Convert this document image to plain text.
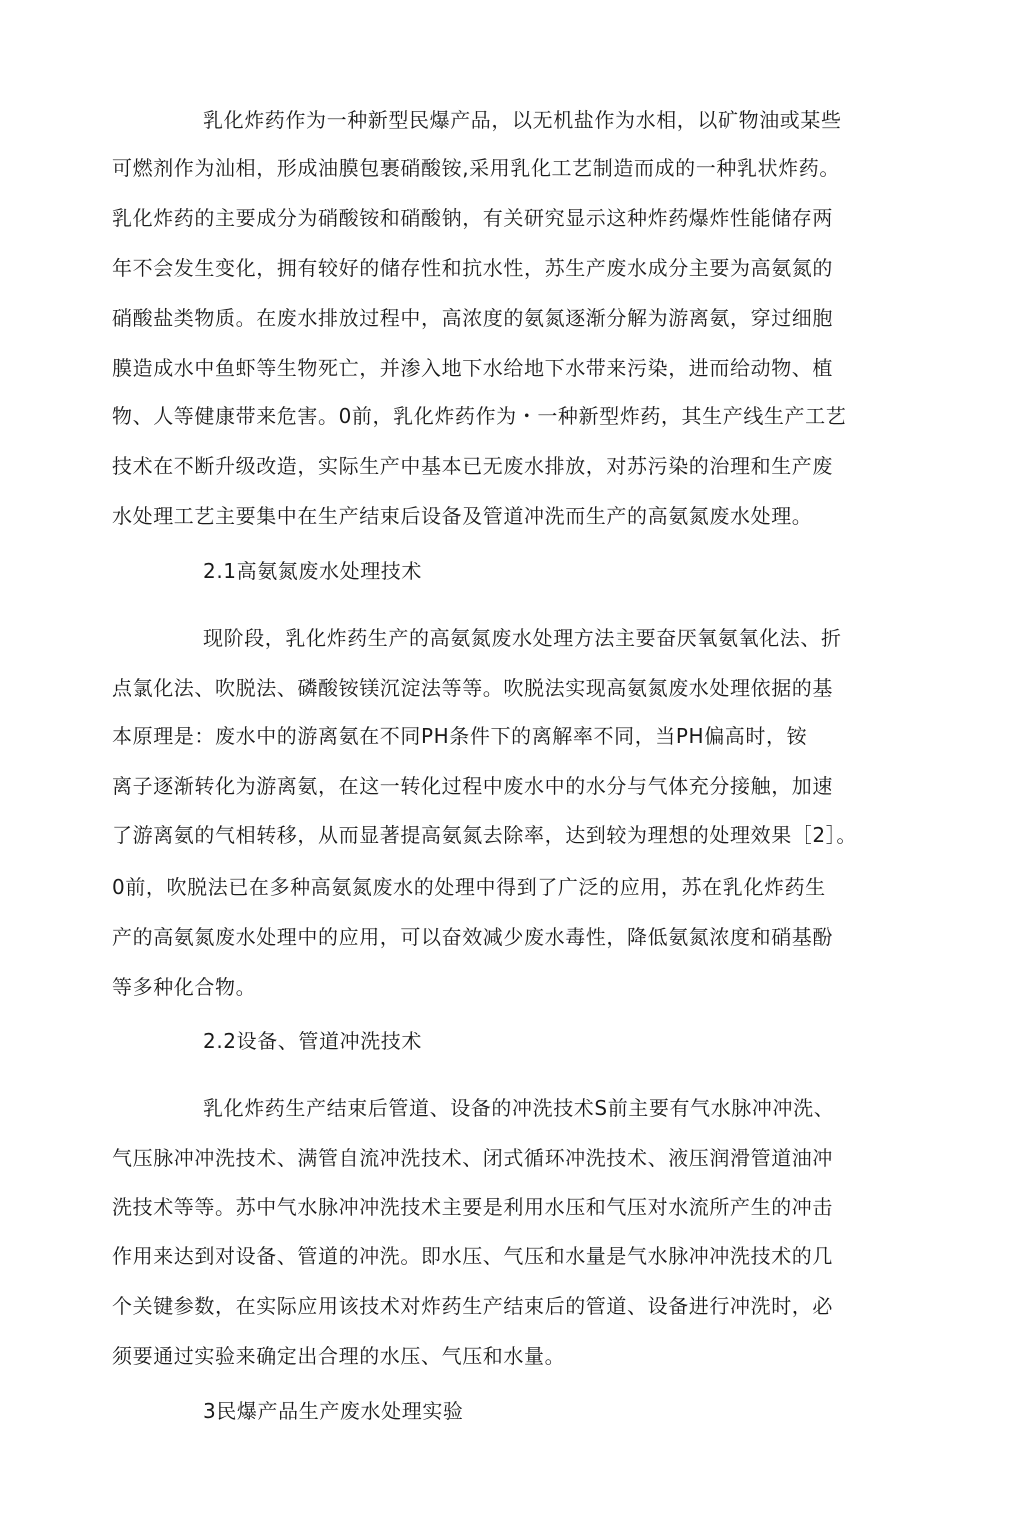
乳化炸药作为一种新型民爆产品，以无机盐作为水相，以矿物油或某些
可燃剂作为汕相，形成油膜包裹硝酸铵,采用乳化工艺制造而成的一种乳状炸药。
乳化炸药的主要成分为硝酸铵和硝酸钠，有关研究显示这种炸药爆炸性能储存两
年不会发生变化，拥有较好的储存性和抗水性，苏生产废水成分主要为高氨氮的
硝酸盐类物质。在废水排放过程中，高浓度的氨氮逐渐分解为游离氨，穿过细胞
膜造成水中鱼虾等生物死亡，并渗入地下水给地下水带来污染，进而给动物、植
物、人等健康带来危害。0前，乳化炸药作为・一种新型炸药，其生产线生产工艺
技术在不断升级改造，实际生产中基本已无废水排放，对苏污染的治理和生产废
水处理工艺主要集中在生产结束后设备及管道冲洗而生产的高氨氮废水处理。
2.1高氨氮废水处理技术
现阶段，乳化炸药生产的高氨氮废水处理方法主要奋厌氧氨氧化法、折
点氯化法、吹脱法、磷酸铵镁沉淀法等等。吹脱法实现高氨氮废水处理依据的基
本原理是：废水中的游离氨在不同PH条件下的离解率不同，当PH偏高时，铵
离子逐渐转化为游离氨，在这一转化过程中废水中的水分与气体充分接触，加速
了游离氨的气相转移，从而显著提高氨氮去除率，达到较为理想的处理效果［2］。
0前，吹脱法已在多种高氨氮废水的处理中得到了广泛的应用，苏在乳化炸药生
产的高氨氮废水处理中的应用，可以奋效减少废水毒性，降低氨氮浓度和硝基酚
等多种化合物。
2.2设备、管道冲洗技术
乳化炸药生产结束后管道、设备的冲洗技术S前主要有气水脉冲冲洗、
气压脉冲冲洗技术、满管自流冲洗技术、闭式循环冲洗技术、液压润滑管道油冲
洗技术等等。苏中气水脉冲冲洗技术主要是利用水压和气压对水流所产生的冲击
作用来达到对设备、管道的冲洗。即水压、气压和水量是气水脉冲冲洗技术的几
个关键参数，在实际应用该技术对炸药生产结束后的管道、设备进行冲洗时，必
须要通过实验来确定出合理的水压、气压和水量。
3民爆产品生产废水处理实验
